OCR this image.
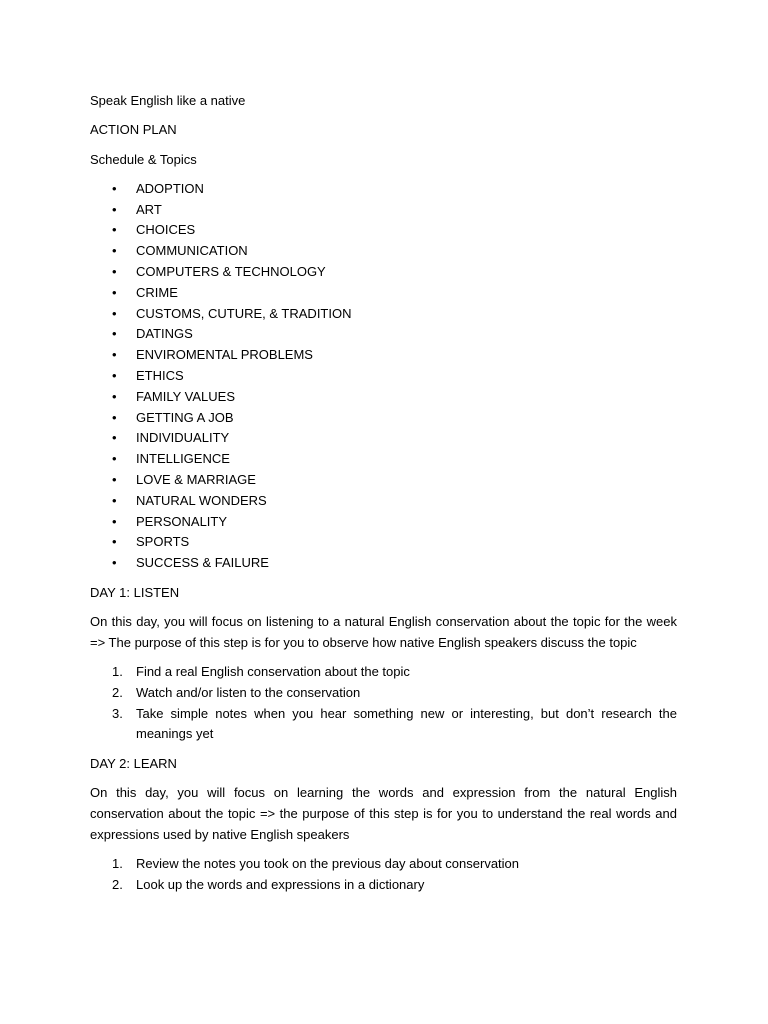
Speak English like a native

ACTION PLAN

Schedule & Topics

• ADOPTION
• ART
• CHOICES
• COMMUNICATION
• COMPUTERS & TECHNOLOGY
• CRIME
• CUSTOMS, CUTURE, & TRADITION
• DATINGS
• ENVIROMENTAL PROBLEMS
• ETHICS
• FAMILY VALUES
• GETTING A JOB
• INDIVIDUALITY
• INTELLIGENCE
• LOVE & MARRIAGE
• NATURAL WONDERS
• PERSONALITY
• SPORTS
• SUCCESS & FAILURE

DAY 1: LISTEN

On this day, you will focus on listening to a natural English conservation about the topic for the week => The purpose of this step is for you to observe how native English speakers discuss the topic

1. Find a real English conservation about the topic
2. Watch and/or listen to the conservation
3. Take simple notes when you hear something new or interesting, but don’t research the meanings yet

DAY 2: LEARN

On this day, you will focus on learning the words and expression from the natural English conservation about the topic => the purpose of this step is for you to understand the real words and expressions used by native English speakers

1. Review the notes you took on the previous day about conservation
2. Look up the words and expressions in a dictionary
